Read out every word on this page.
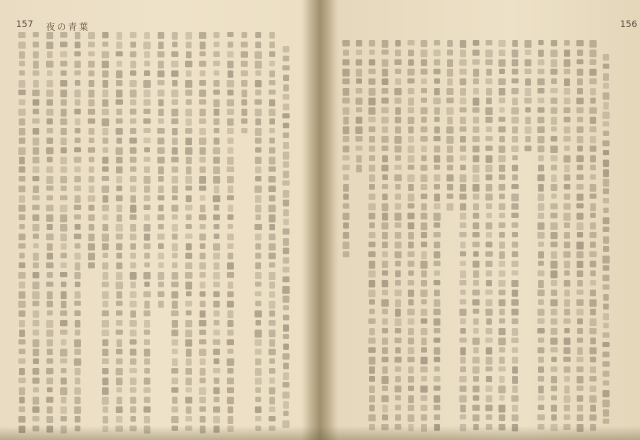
157 夜の青葉	156
